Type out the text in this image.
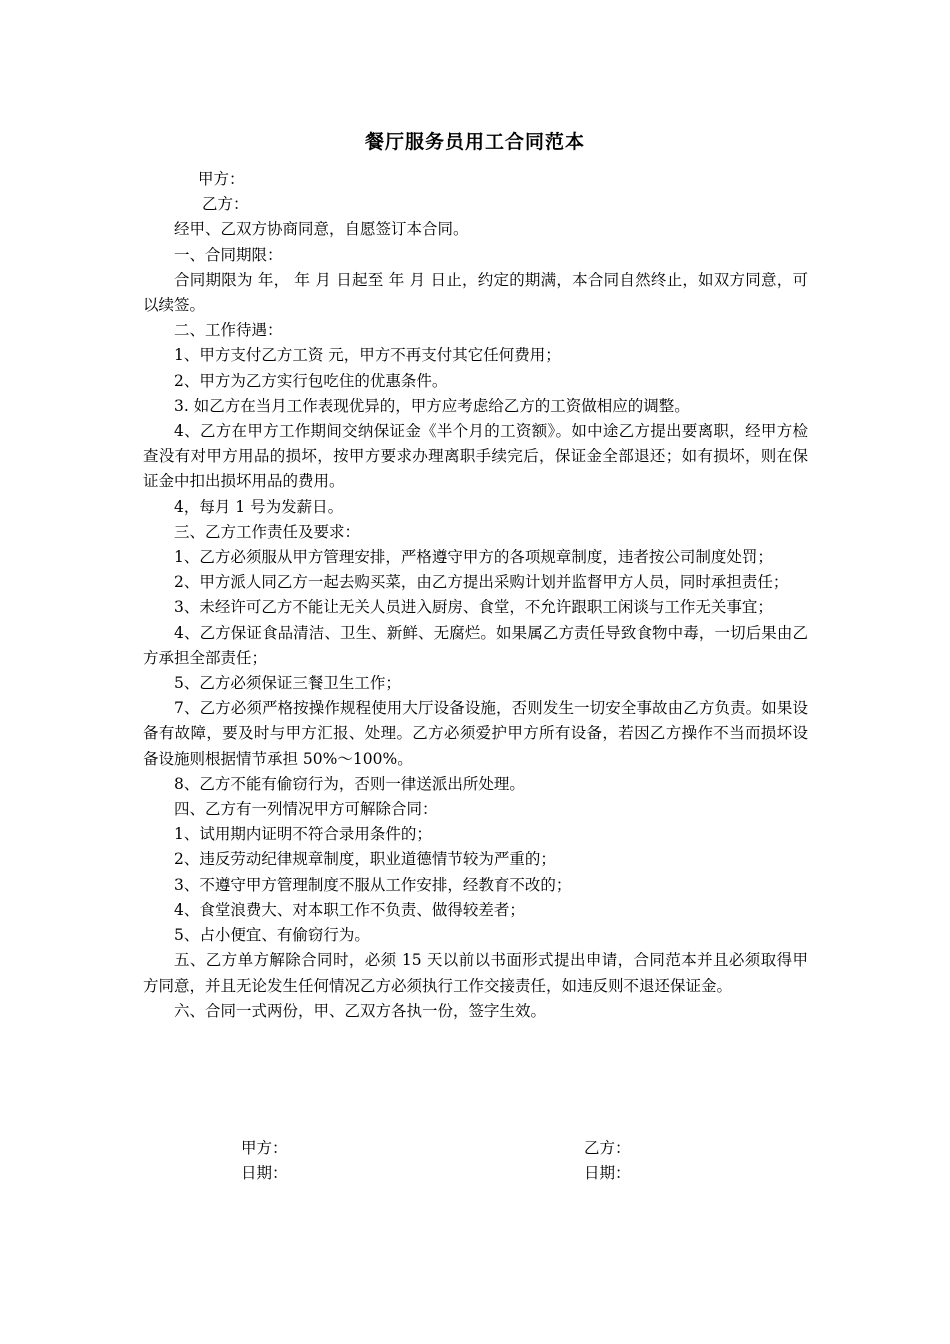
餐厅服务员用工合同范本

甲方：

乙方：

经甲、乙双方协商同意，自愿签订本合同。

一、合同期限：

合同期限为 年， 年 月 日起至 年 月 日止，约定的期满，本合同自然终止，如双方同意，可以续签。

二、工作待遇：

1、甲方支付乙方工资 元，甲方不再支付其它任何费用；

2、甲方为乙方实行包吃住的优惠条件。

3. 如乙方在当月工作表现优异的，甲方应考虑给乙方的工资做相应的调整。

4、乙方在甲方工作期间交纳保证金《半个月的工资额》。如中途乙方提出要离职，经甲方检查没有对甲方用品的损坏，按甲方要求办理离职手续完后，保证金全部退还；如有损坏，则在保证金中扣出损坏用品的费用。

4，每月 1 号为发薪日。

三、乙方工作责任及要求：

1、乙方必须服从甲方管理安排，严格遵守甲方的各项规章制度，违者按公司制度处罚；

2、甲方派人同乙方一起去购买菜，由乙方提出采购计划并监督甲方人员，同时承担责任；

3、未经许可乙方不能让无关人员进入厨房、食堂，不允许跟职工闲谈与工作无关事宜；

4、乙方保证食品清洁、卫生、新鲜、无腐烂。如果属乙方责任导致食物中毒，一切后果由乙方承担全部责任；

5、乙方必须保证三餐卫生工作；

7、乙方必须严格按操作规程使用大厅设备设施，否则发生一切安全事故由乙方负责。如果设备有故障，要及时与甲方汇报、处理。乙方必须爱护甲方所有设备，若因乙方操作不当而损坏设备设施则根据情节承担 50%～100%。

8、乙方不能有偷窃行为，否则一律送派出所处理。

四、乙方有一列情况甲方可解除合同：

1、试用期内证明不符合录用条件的；

2、违反劳动纪律规章制度，职业道德情节较为严重的；

3、不遵守甲方管理制度不服从工作安排，经教育不改的；

4、食堂浪费大、对本职工作不负责、做得较差者；

5、占小便宜、有偷窃行为。

五、乙方单方解除合同时，必须 15 天以前以书面形式提出申请，合同范本并且必须取得甲方同意，并且无论发生任何情况乙方必须执行工作交接责任，如违反则不退还保证金。

六、合同一式两份，甲、乙双方各执一份，签字生效。

甲方：
日期：
乙方：
日期：
